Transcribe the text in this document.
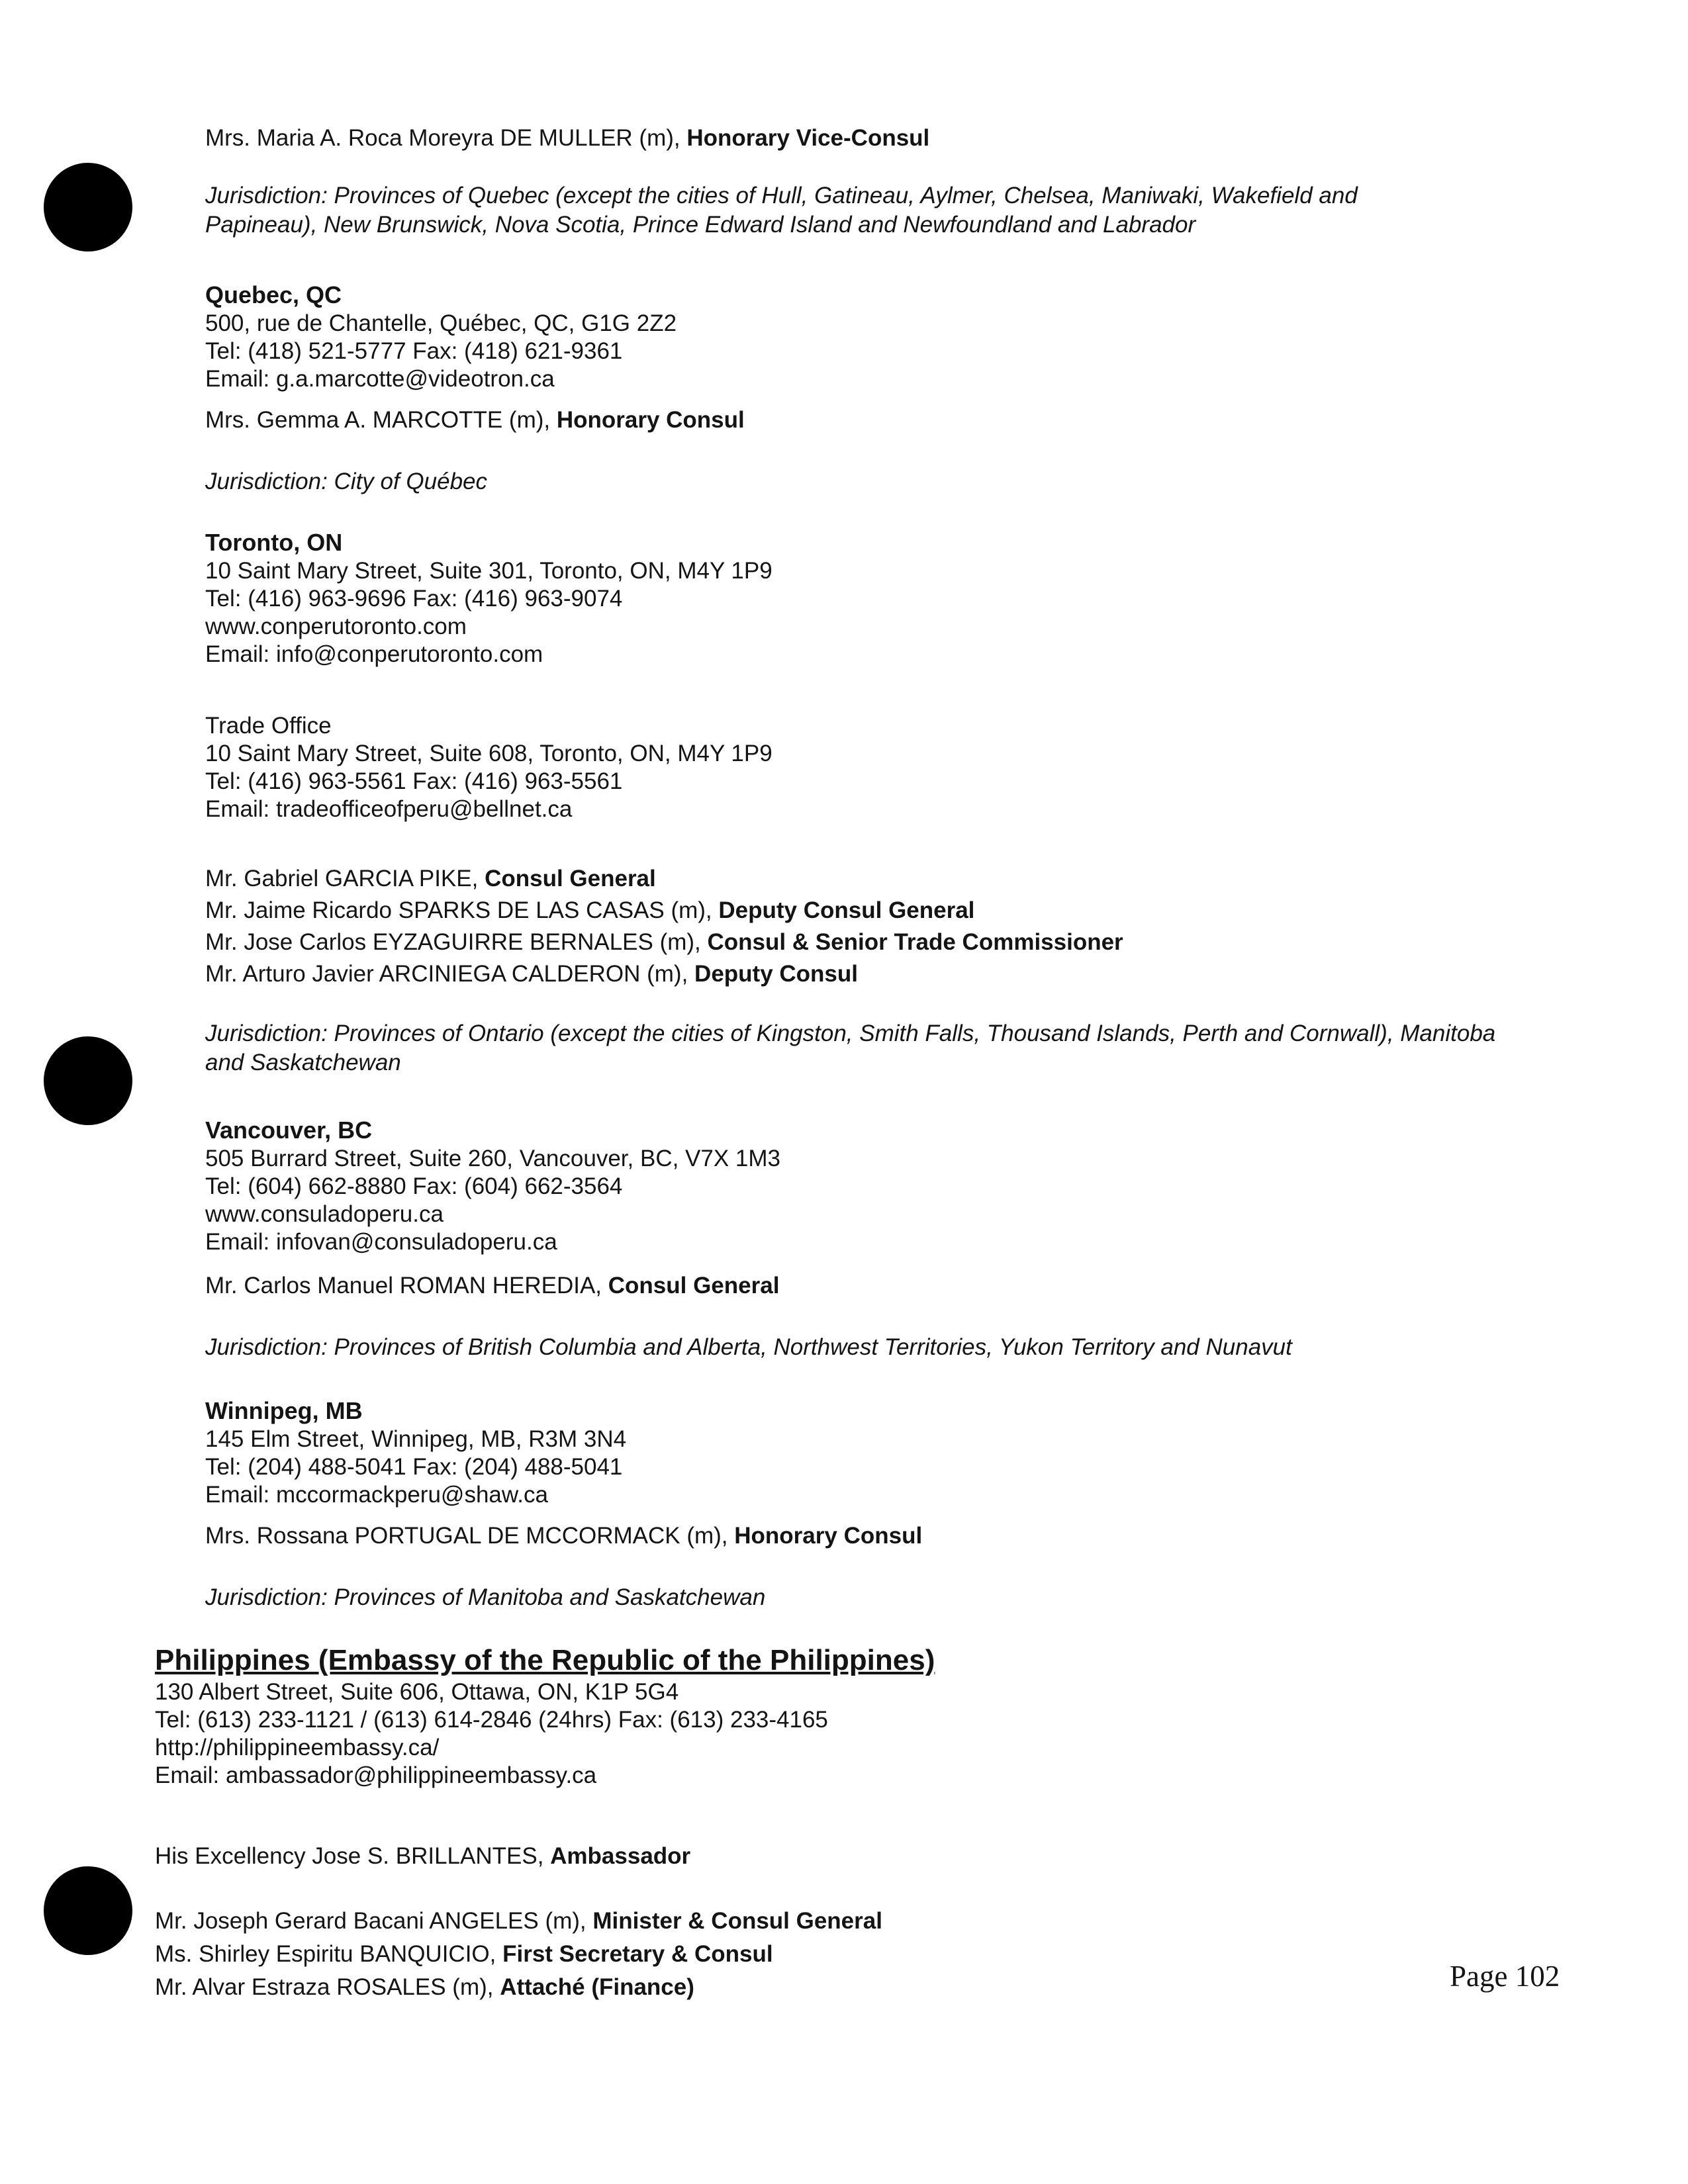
Mrs. Maria A. Roca Moreyra DE MULLER (m), Honorary Vice-Consul
Jurisdiction: Provinces of Quebec (except the cities of Hull, Gatineau, Aylmer, Chelsea, Maniwaki, Wakefield and Papineau), New Brunswick, Nova Scotia, Prince Edward Island and Newfoundland and Labrador
Quebec, QC
500, rue de Chantelle, Québec, QC, G1G 2Z2
Tel: (418) 521-5777 Fax: (418) 621-9361
Email: g.a.marcotte@videotron.ca
Mrs. Gemma A. MARCOTTE (m), Honorary Consul
Jurisdiction: City of Québec
Toronto, ON
10 Saint Mary Street, Suite 301, Toronto, ON, M4Y 1P9
Tel: (416) 963-9696 Fax: (416) 963-9074
www.conperutoronto.com
Email: info@conperutoronto.com
Trade Office
10 Saint Mary Street, Suite 608, Toronto, ON, M4Y 1P9
Tel: (416) 963-5561 Fax: (416) 963-5561
Email: tradeofficeofperu@bellnet.ca
Mr. Gabriel GARCIA PIKE, Consul General
Mr. Jaime Ricardo SPARKS DE LAS CASAS (m), Deputy Consul General
Mr. Jose Carlos EYZAGUIRRE BERNALES (m), Consul & Senior Trade Commissioner
Mr. Arturo Javier ARCINIEGA CALDERON (m), Deputy Consul
Jurisdiction: Provinces of Ontario (except the cities of Kingston, Smith Falls, Thousand Islands, Perth and Cornwall), Manitoba and Saskatchewan
Vancouver, BC
505 Burrard Street, Suite 260, Vancouver, BC, V7X 1M3
Tel: (604) 662-8880 Fax: (604) 662-3564
www.consuladoperu.ca
Email: infovan@consuladoperu.ca
Mr. Carlos Manuel ROMAN HEREDIA, Consul General
Jurisdiction: Provinces of British Columbia and Alberta, Northwest Territories, Yukon Territory and Nunavut
Winnipeg, MB
145 Elm Street, Winnipeg, MB, R3M 3N4
Tel: (204) 488-5041 Fax: (204) 488-5041
Email: mccormackperu@shaw.ca
Mrs. Rossana PORTUGAL DE MCCORMACK (m), Honorary Consul
Jurisdiction: Provinces of Manitoba and Saskatchewan
Philippines (Embassy of the Republic of the Philippines)
130 Albert Street, Suite 606, Ottawa, ON, K1P 5G4
Tel: (613) 233-1121 / (613) 614-2846 (24hrs) Fax: (613) 233-4165
http://philippineembassy.ca/
Email: ambassador@philippineembassy.ca
His Excellency Jose S. BRILLANTES, Ambassador
Mr. Joseph Gerard Bacani ANGELES (m), Minister & Consul General
Ms. Shirley Espiritu BANQUICIO, First Secretary & Consul
Mr. Alvar Estraza ROSALES (m), Attaché (Finance)	Page 102
